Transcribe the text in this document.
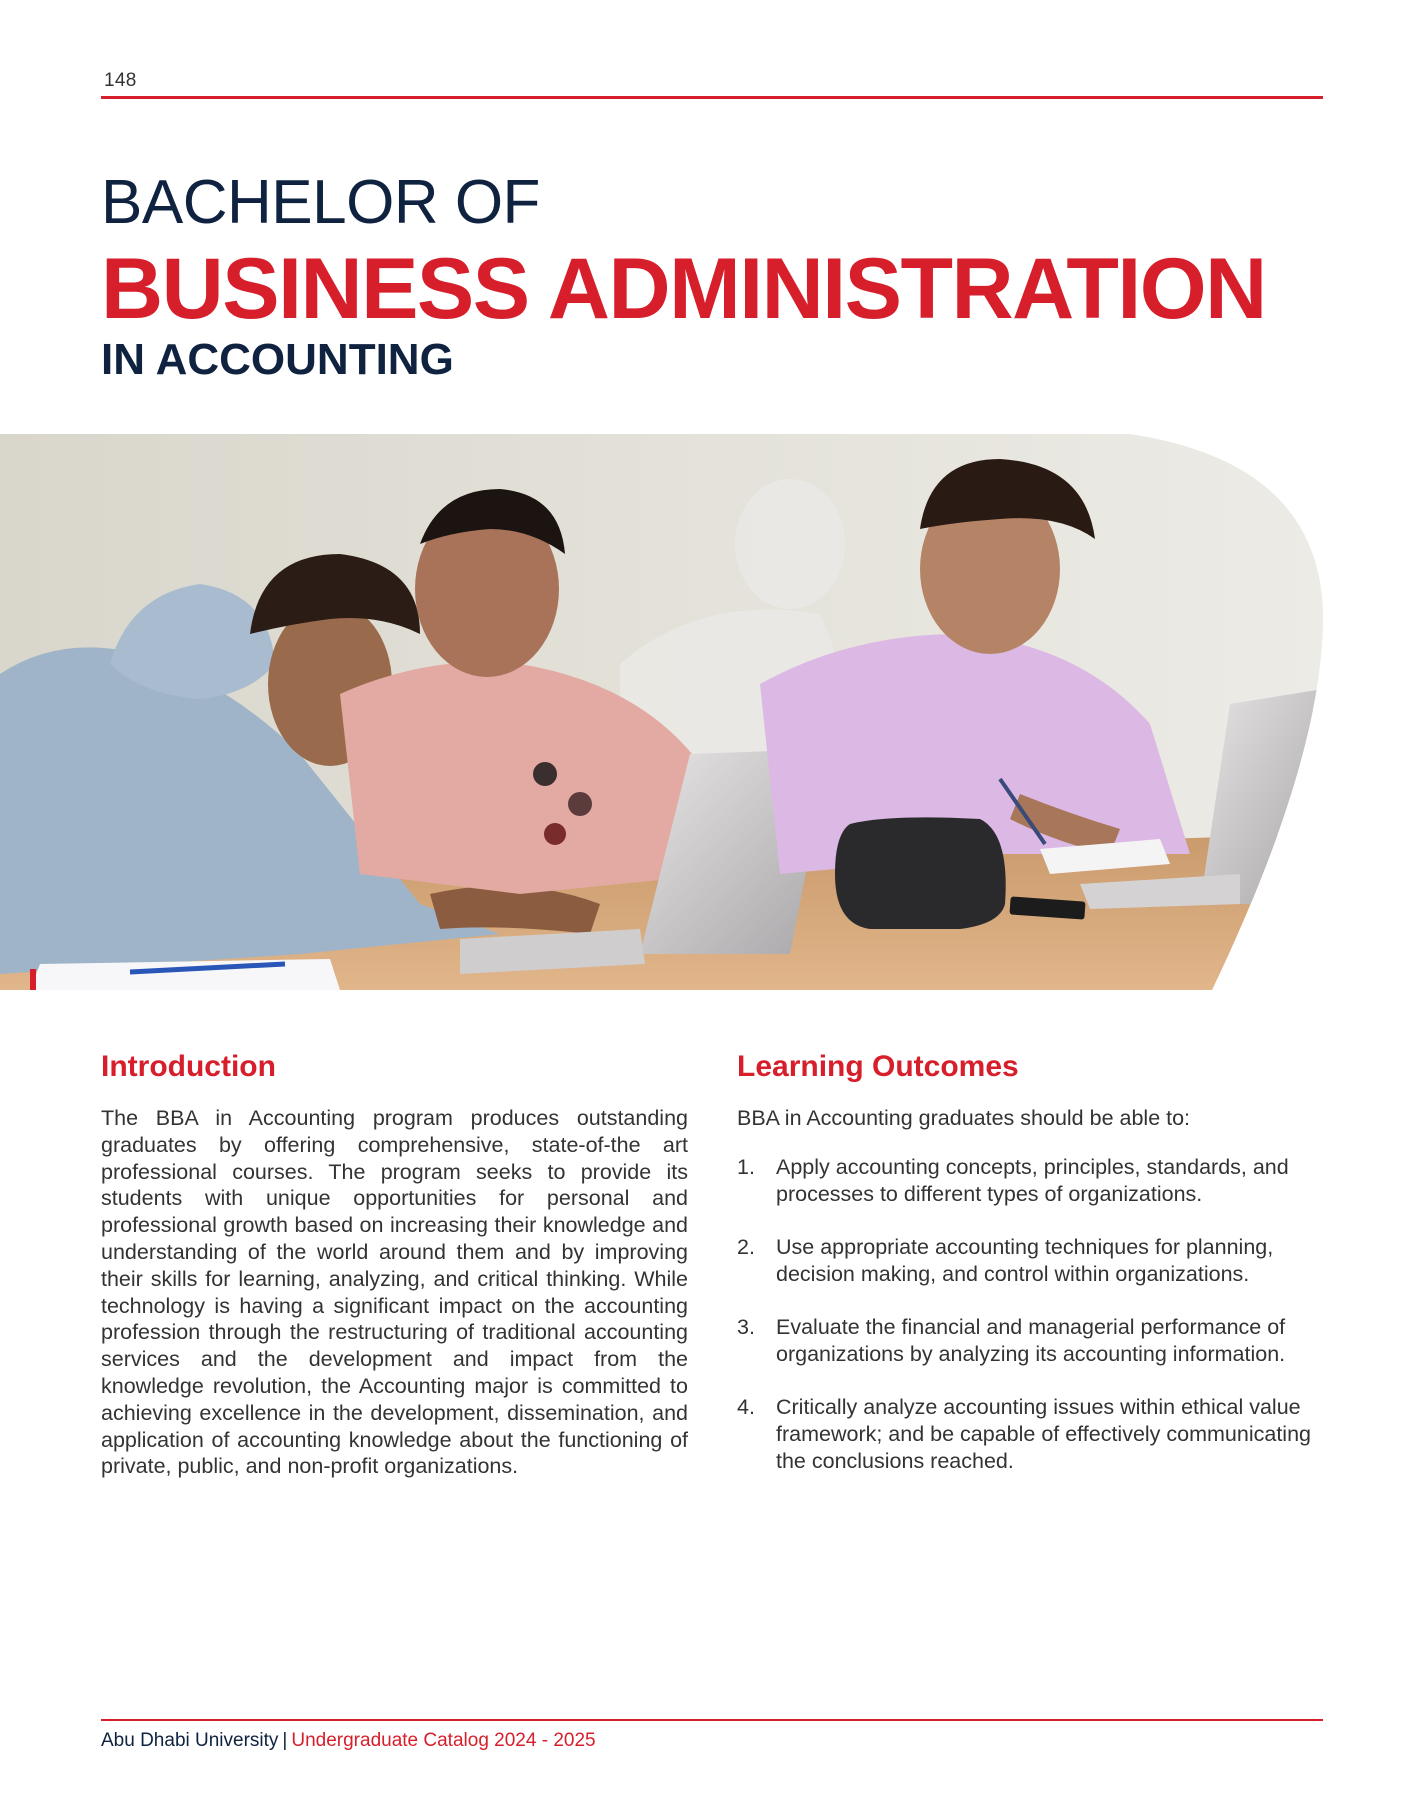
148
BACHELOR OF
BUSINESS ADMINISTRATION
IN ACCOUNTING
Introduction

The BBA in Accounting program produces outstanding graduates by offering comprehensive, state-of-the art professional courses. The program seeks to provide its students with unique opportunities for personal and professional growth based on increasing their knowledge and understanding of the world around them and by improving their skills for learning, analyzing, and critical thinking. While technology is having a significant impact on the accounting profession through the restructuring of traditional accounting services and the development and impact from the knowledge revolution, the Accounting major is committed to achieving excellence in the development, dissemination, and application of accounting knowledge about the functioning of private, public, and non-profit organizations.

Learning Outcomes

BBA in Accounting graduates should be able to:

1. Apply accounting concepts, principles, standards, and processes to different types of organizations.
2. Use appropriate accounting techniques for planning, decision making, and control within organizations.
3. Evaluate the financial and managerial performance of organizations by analyzing its accounting information.
4. Critically analyze accounting issues within ethical value framework; and be capable of effectively communicating the conclusions reached.
Abu Dhabi University | Undergraduate Catalog 2024 - 2025
